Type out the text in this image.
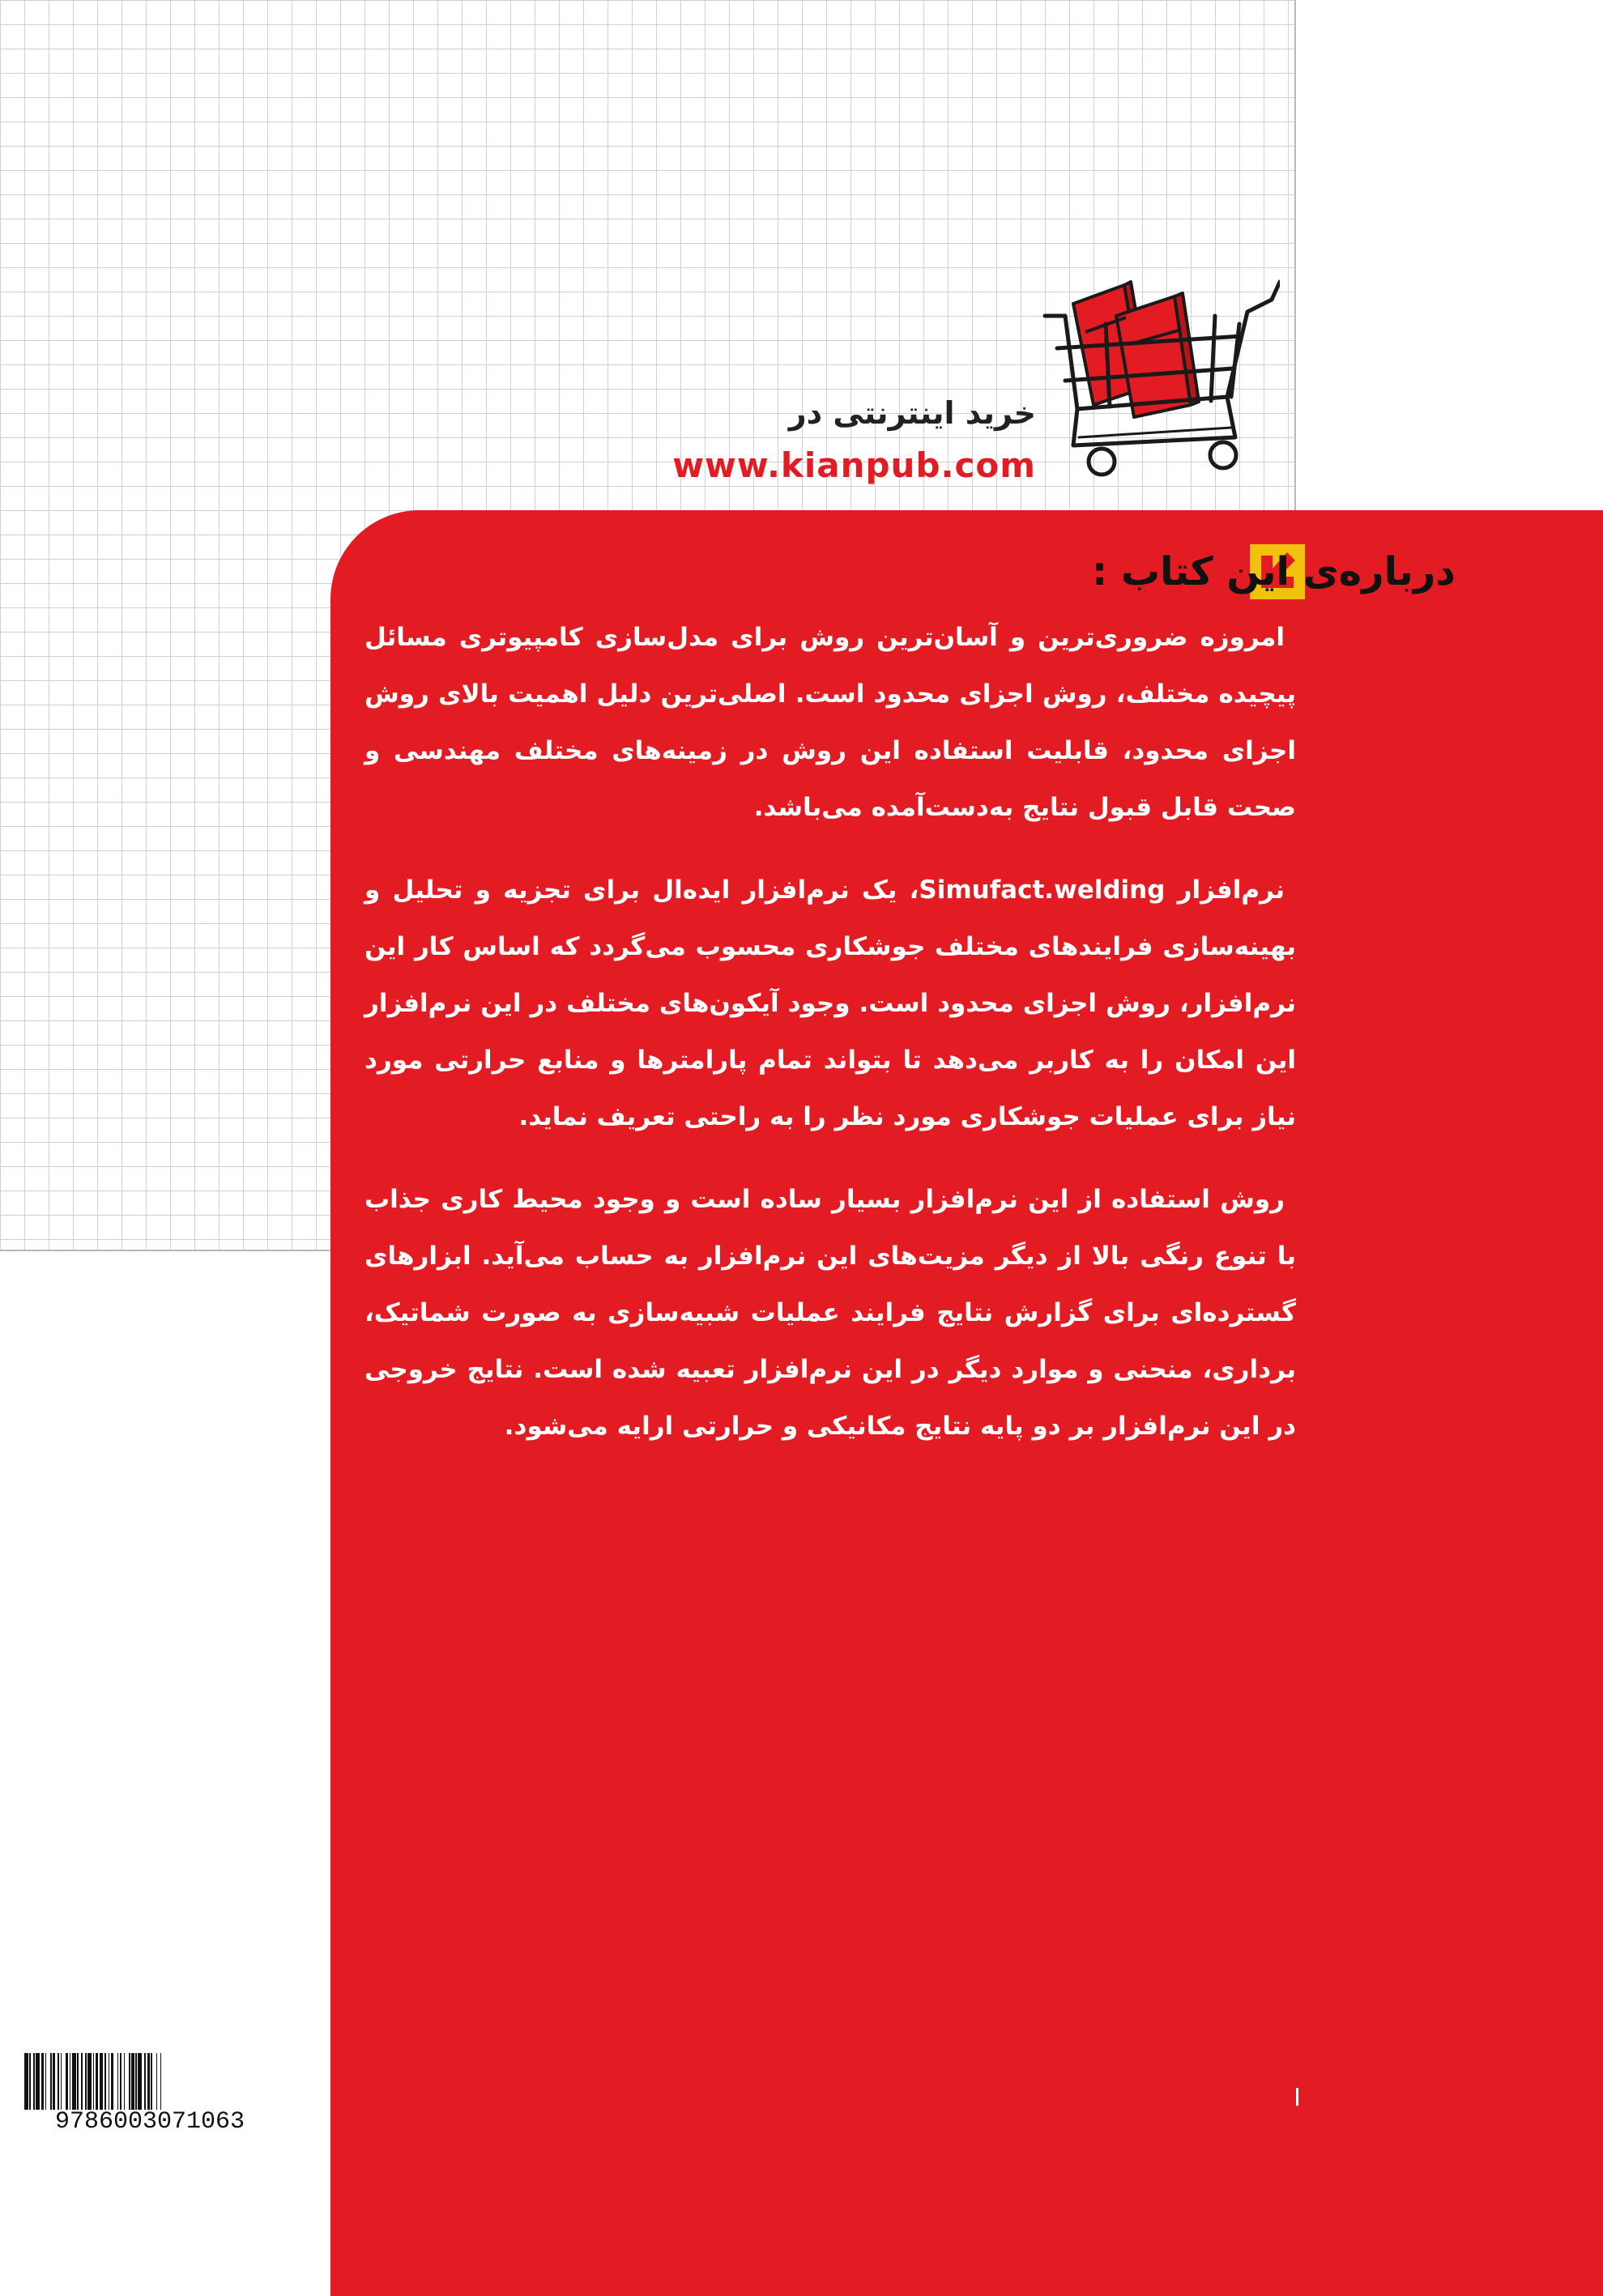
خرید اینترنتی در
www.kianpub.com
درباره‌ی این کتاب :

امروزه ضروری‌ترین و آسان‌ترین روش برای مدل‌سازی کامپیوتری مسائل پیچیده مختلف، روش اجزای محدود است. اصلی‌ترین دلیل اهمیت بالای روش اجزای محدود، قابلیت استفاده این روش در زمینه‌های مختلف مهندسی و صحت قابل قبول نتایج به‌دست‌آمده می‌باشد.

نرم‌افزار Simufact.welding، یک نرم‌افزار ایده‌ال برای تجزیه و تحلیل و بهینه‌سازی فرایندهای مختلف جوشکاری محسوب می‌گردد که اساس کار این نرم‌افزار، روش اجزای محدود است. وجود آیکون‌های مختلف در این نرم‌افزار این امکان را به کاربر می‌دهد تا بتواند تمام پارامترها و منابع حرارتی مورد نیاز برای عملیات جوشکاری مورد نظر را به راحتی تعریف نماید.

روش استفاده از این نرم‌افزار بسیار ساده است و وجود محیط کاری جذاب با تنوع رنگی بالا از دیگر مزیت‌های این نرم‌افزار به حساب می‌آید. ابزارهای گسترده‌ای برای گزارش نتایج فرایند عملیات شبیه‌سازی به صورت شماتیک، برداری، منحنی و موارد دیگر در این نرم‌افزار تعبیه شده است. نتایج خروجی در این نرم‌افزار بر دو پایه نتایج مکانیکی و حرارتی ارایه می‌شود.

9786003071063
